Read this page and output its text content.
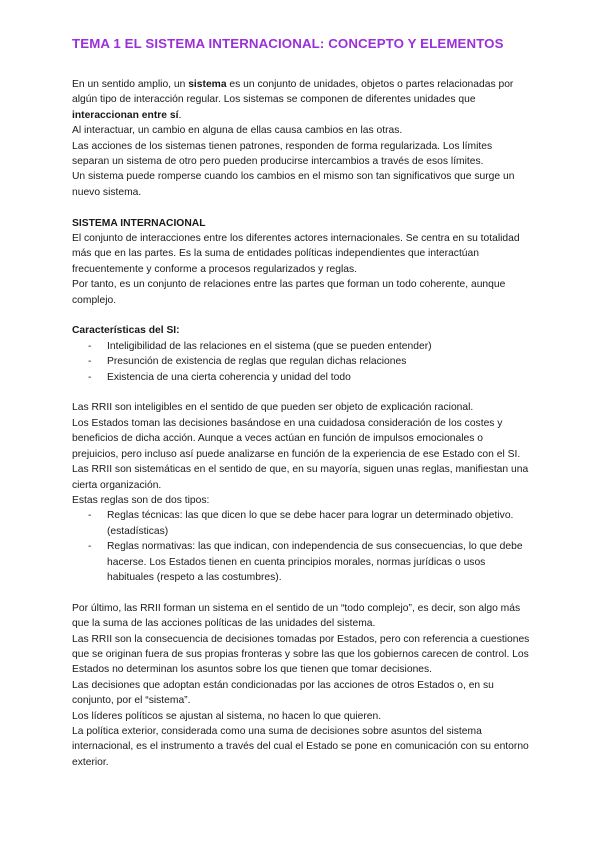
TEMA 1 EL SISTEMA INTERNACIONAL: CONCEPTO Y ELEMENTOS

En un sentido amplio, un sistema es un conjunto de unidades, objetos o partes relacionadas por algún tipo de interacción regular. Los sistemas se componen de diferentes unidades que interaccionan entre sí.

Al interactuar, un cambio en alguna de ellas causa cambios en las otras.

Las acciones de los sistemas tienen patrones, responden de forma regularizada. Los límites separan un sistema de otro pero pueden producirse intercambios a través de esos límites.

Un sistema puede romperse cuando los cambios en el mismo son tan significativos que surge un nuevo sistema.

SISTEMA INTERNACIONAL

El conjunto de interacciones entre los diferentes actores internacionales. Se centra en su totalidad más que en las partes. Es la suma de entidades políticas independientes que interactúan frecuentemente y conforme a procesos regularizados y reglas.

Por tanto, es un conjunto de relaciones entre las partes que forman un todo coherente, aunque complejo.

Características del SI:

- Inteligibilidad de las relaciones en el sistema (que se pueden entender)
- Presunción de existencia de reglas que regulan dichas relaciones
- Existencia de una cierta coherencia y unidad del todo

Las RRII son inteligibles en el sentido de que pueden ser objeto de explicación racional.

Los Estados toman las decisiones basándose en una cuidadosa consideración de los costes y beneficios de dicha acción. Aunque a veces actúan en función de impulsos emocionales o prejuicios, pero incluso así puede analizarse en función de la experiencia de ese Estado con el SI.

Las RRII son sistemáticas en el sentido de que, en su mayoría, siguen unas reglas, manifiestan una cierta organización.

Estas reglas son de dos tipos:

- Reglas técnicas: las que dicen lo que se debe hacer para lograr un determinado objetivo. (estadísticas)
- Reglas normativas: las que indican, con independencia de sus consecuencias, lo que debe hacerse. Los Estados tienen en cuenta principios morales, normas jurídicas o usos habituales (respeto a las costumbres).

Por último, las RRII forman un sistema en el sentido de un “todo complejo”, es decir, son algo más que la suma de las acciones políticas de las unidades del sistema.

Las RRII son la consecuencia de decisiones tomadas por Estados, pero con referencia a cuestiones que se originan fuera de sus propias fronteras y sobre las que los gobiernos carecen de control. Los Estados no determinan los asuntos sobre los que tienen que tomar decisiones.

Las decisiones que adoptan están condicionadas por las acciones de otros Estados o, en su conjunto, por el “sistema”.

Los líderes políticos se ajustan al sistema, no hacen lo que quieren.

La política exterior, considerada como una suma de decisiones sobre asuntos del sistema internacional, es el instrumento a través del cual el Estado se pone en comunicación con su entorno exterior.
